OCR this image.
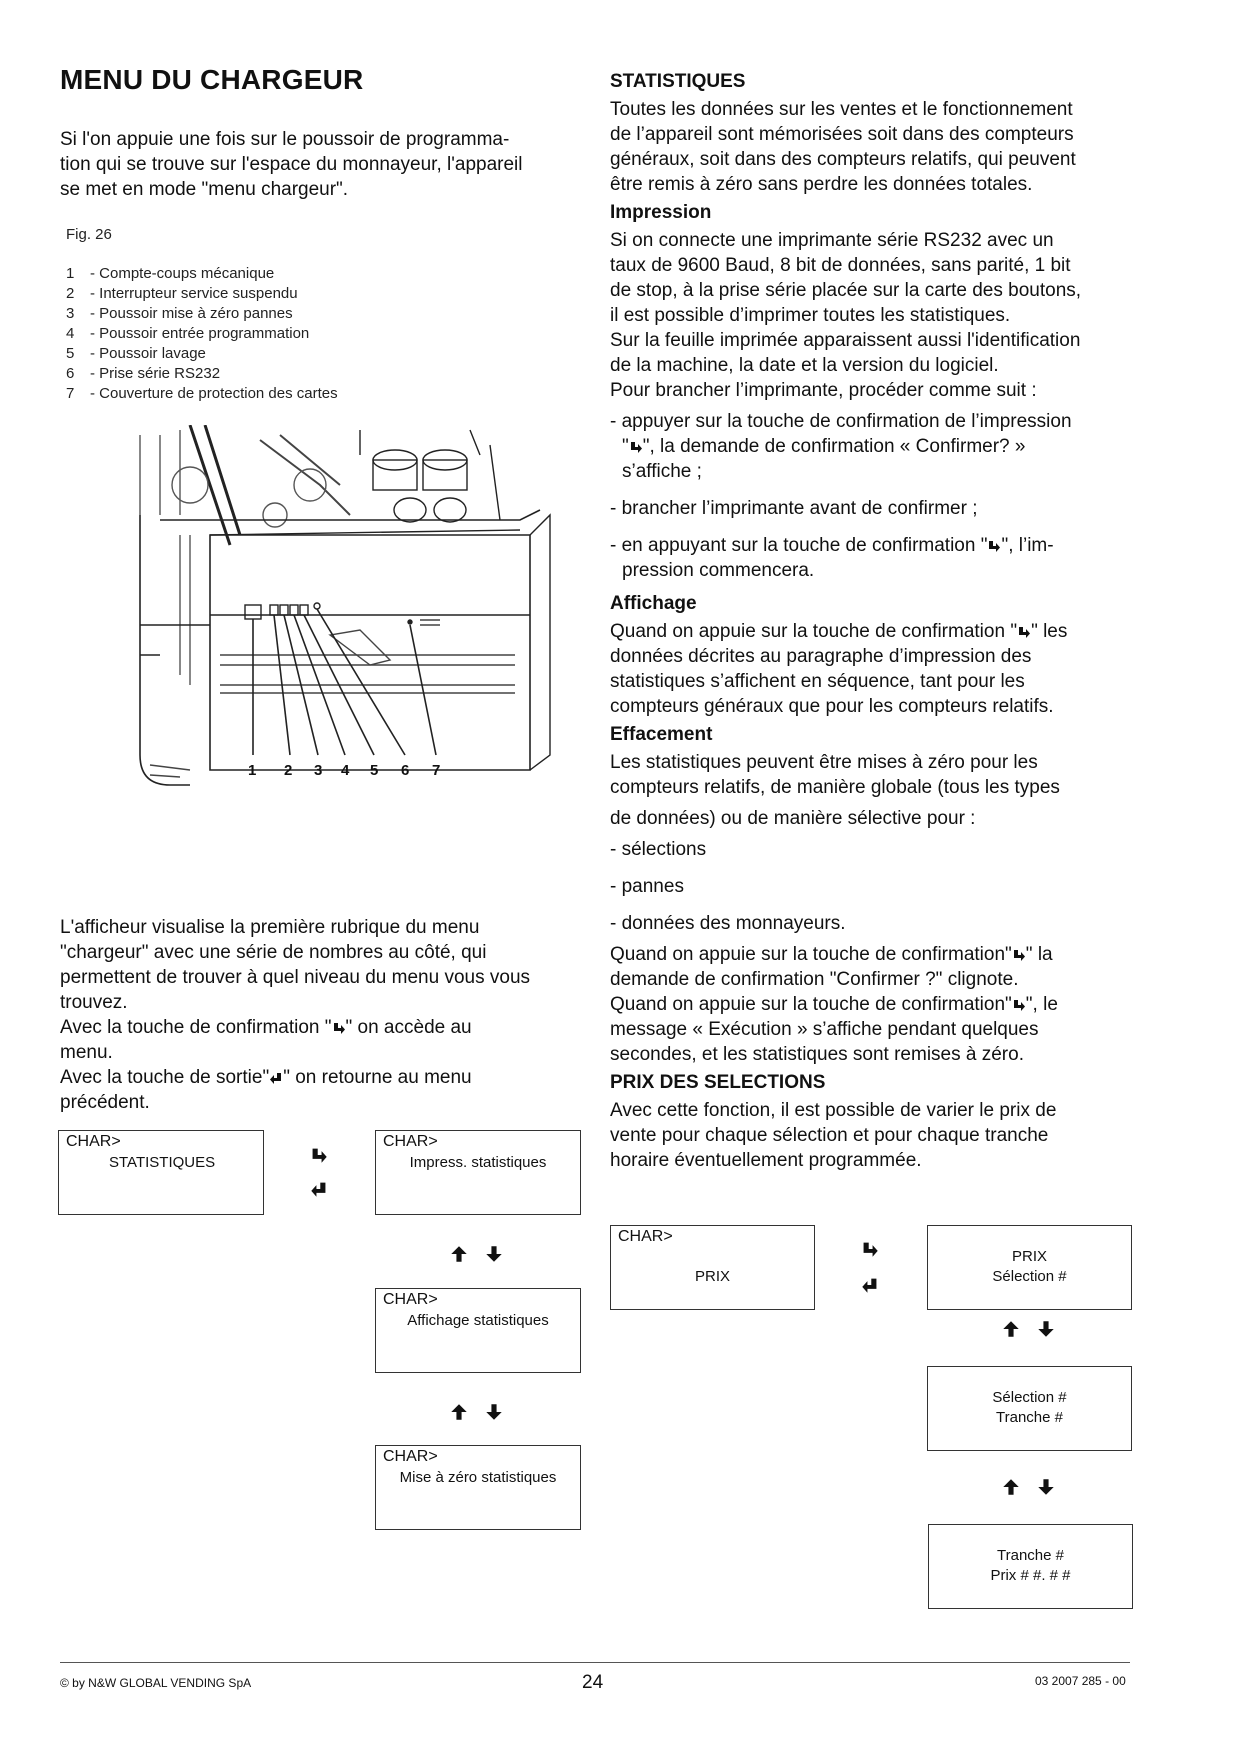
MENU DU CHARGEUR

Si l'on appuie une fois sur le poussoir de programma-

tion qui se trouve sur l'espace du monnayeur, l'appareil

se met en mode "menu chargeur".

Fig. 26
1	- Compte-coups mécanique
2	- Interrupteur service suspendu
3	- Poussoir mise à zéro pannes
4	- Poussoir entrée programmation
5	- Poussoir lavage
6	- Prise série RS232
7	- Couverture de protection des cartes
1 2 3 4 5 6 7

L'afficheur visualise la première rubrique du menu

"chargeur" avec une série de nombres au côté, qui

permettent de trouver à quel niveau du menu vous vous

trouvez.

Avec la touche de confirmation " " on accède au

menu.

Avec la touche de sortie" " on retourne au menu

précédent.

CHAR>
STATISTIQUES
CHAR>
Impress. statistiques
CHAR>
Affichage statistiques
CHAR>
Mise à zéro statistiques
STATISTIQUES

Toutes les données sur les ventes et le fonctionnement

de l’appareil sont mémorisées soit dans des compteurs

généraux, soit dans des compteurs relatifs, qui peuvent

être remis à zéro sans perdre les données totales.

Impression

Si on connecte une imprimante série RS232 avec un

taux de 9600 Baud, 8 bit de données, sans parité, 1 bit

de stop, à la prise série placée sur la carte des boutons,

il est possible d’imprimer toutes les statistiques.

Sur la feuille imprimée apparaissent aussi l'identification

de la machine, la date et la version du logiciel.

Pour brancher l’imprimante, procéder comme suit :

- appuyer sur la touche de confirmation de l’impression

" ", la demande de confirmation « Confirmer? »

s’affiche ;

- brancher l’imprimante avant de confirmer ;

- en appuyant sur la touche de confirmation " ", l’im-

pression commencera.

Affichage

Quand on appuie sur la touche de confirmation " " les

données décrites au paragraphe d’impression des

statistiques s’affichent en séquence, tant pour les

compteurs généraux que pour les compteurs relatifs.

Effacement

Les statistiques peuvent être mises à zéro pour les

compteurs relatifs, de manière globale (tous les types

de données) ou de manière sélective pour :

- sélections

- pannes

- données des monnayeurs.

Quand on appuie sur la touche de confirmation" " la

demande de confirmation "Confirmer ?" clignote.

Quand on appuie sur la touche de confirmation" ", le

message « Exécution » s’affiche pendant quelques

secondes, et les statistiques sont remises à zéro.

PRIX DES SELECTIONS

Avec cette fonction, il est possible de varier le prix de

vente pour chaque sélection et pour chaque tranche

horaire éventuellement programmée.

CHAR>
PRIX
PRIX
Sélection #
Sélection #
Tranche #
Tranche #
Prix # #. # #
© by N&W GLOBAL VENDING SpA	24	03 2007 285 - 00
